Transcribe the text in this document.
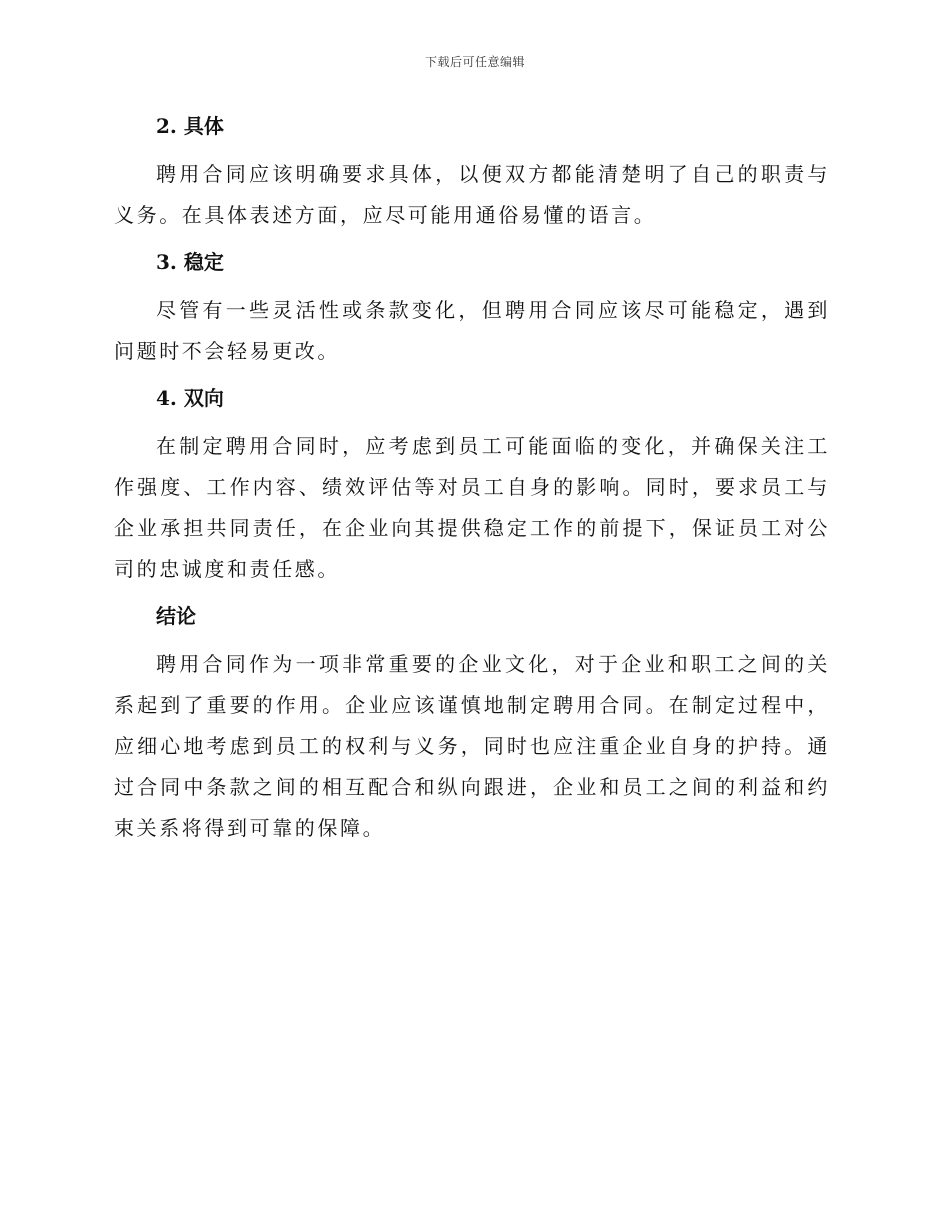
下载后可任意编辑
2. 具体

聘用合同应该明确要求具体，以便双方都能清楚明了自己的职责与义务。在具体表述方面，应尽可能用通俗易懂的语言。

3. 稳定

尽管有一些灵活性或条款变化，但聘用合同应该尽可能稳定，遇到问题时不会轻易更改。

4. 双向

在制定聘用合同时，应考虑到员工可能面临的变化，并确保关注工作强度、工作内容、绩效评估等对员工自身的影响。同时，要求员工与企业承担共同责任，在企业向其提供稳定工作的前提下，保证员工对公司的忠诚度和责任感。

结论

聘用合同作为一项非常重要的企业文化，对于企业和职工之间的关系起到了重要的作用。企业应该谨慎地制定聘用合同。在制定过程中，应细心地考虑到员工的权利与义务，同时也应注重企业自身的护持。通过合同中条款之间的相互配合和纵向跟进，企业和员工之间的利益和约束关系将得到可靠的保障。
